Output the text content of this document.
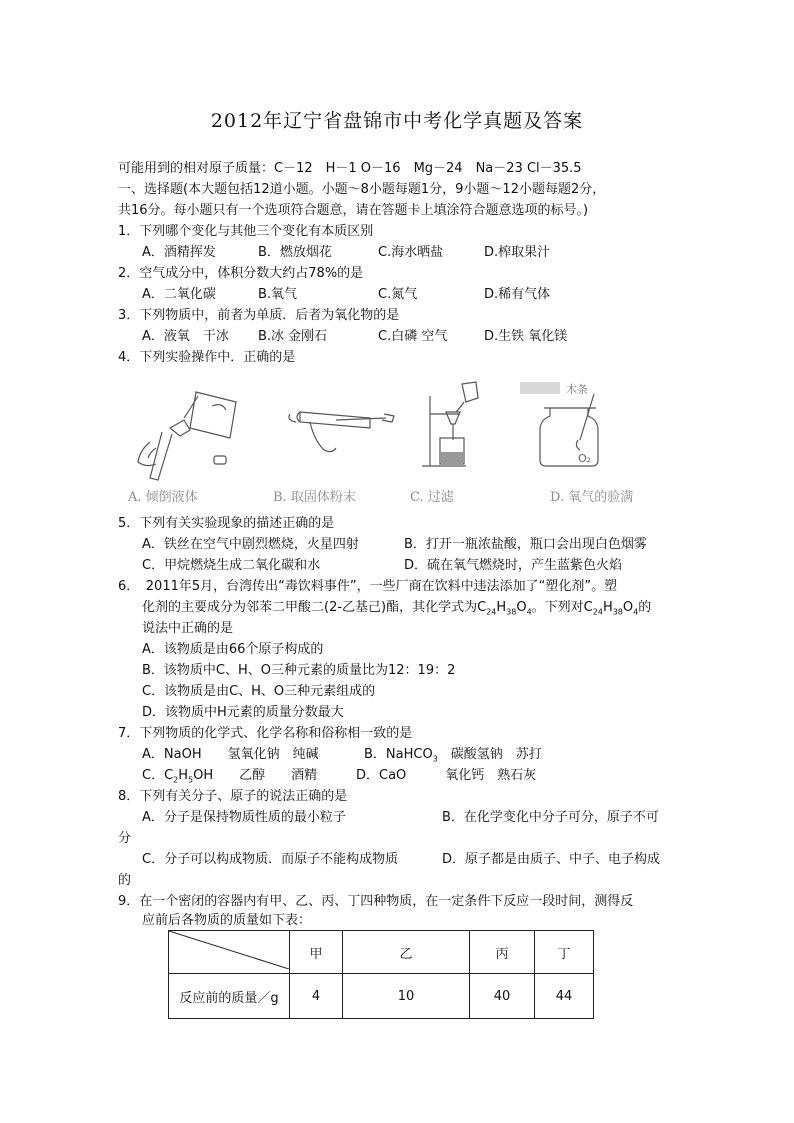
2012年辽宁省盘锦市中考化学真题及答案
可能用到的相对原子质量：C－12　H－1 O－16　Mg－24　Na－23 Cl－35.5
一、选择题(本大题包括12道小题。小题～8小题每题1分，9小题～12小题每题2分，
共16分。每小题只有一个选项符合题意，请在答题卡上填涂符合题意选项的标号。)
1．下列哪个变化与其他三个变化有本质区别
A．酒精挥发	B．燃放烟花	C.海水晒盐	D.榨取果汁
2．空气成分中，体积分数大约占78%的是
A．二氧化碳	B.氧气	C.氮气	D.稀有气体
3．下列物质中，前者为单质．后者为氧化物的是
A．液氧　干冰 B.冰 金刚石	C.白磷 空气	D.生铁 氧化镁
4．下列实验操作中．正确的是
A. 倾倒液体	B. 取固体粉末	C. 过滤
木条
O₂
D. 氧气的验满
5．下列有关实验现象的描述正确的是
A．铁丝在空气中剧烈燃烧，火星四射	B．打开一瓶浓盐酸，瓶口会出现白色烟雾
C．甲烷燃烧生成二氧化碳和水	D．硫在氧气燃烧时，产生蓝紫色火焰
6．　2011年5月，台湾传出“毒饮料事件”，一些厂商在饮料中违法添加了“塑化剂”。塑
化剂的主要成分为邻苯二甲酸二(2-乙基己)酯，其化学式为$C_{24}H_{38}O_4$。下列对$C_{24}H_{38}O_4$的
说法中正确的是
A．该物质是由66个原子构成的
B．该物质中C、H、O三种元素的质量比为12：19：2
C．该物质是由C、H、O三种元素组成的
D．该物质中H元素的质量分数最大
7．下列物质的化学式、化学名称和俗称相一致的是
A．NaOH　　氢氧化钠　纯碱	B．NaHCO$_3$　碳酸氢钠　苏打
C．$C_2H_5OH$　　乙醇　　酒精	D．CaO　　　氧化钙　熟石灰
8．下列有关分子、原子的说法正确的是
A．分子是保持物质性质的最小粒子	B．在化学变化中分子可分，原子不可
分
C．分子可以构成物质．而原子不能构成物质	D．原子都是由质子、中子、电子构成
的
9．在一个密闭的容器内有甲、乙、丙、丁四种物质，在一定条件下反应一段时间，测得反
应前后各物质的质量如下表：
	甲	乙	丙	丁
反应前的质量／g	4	10	40	44
